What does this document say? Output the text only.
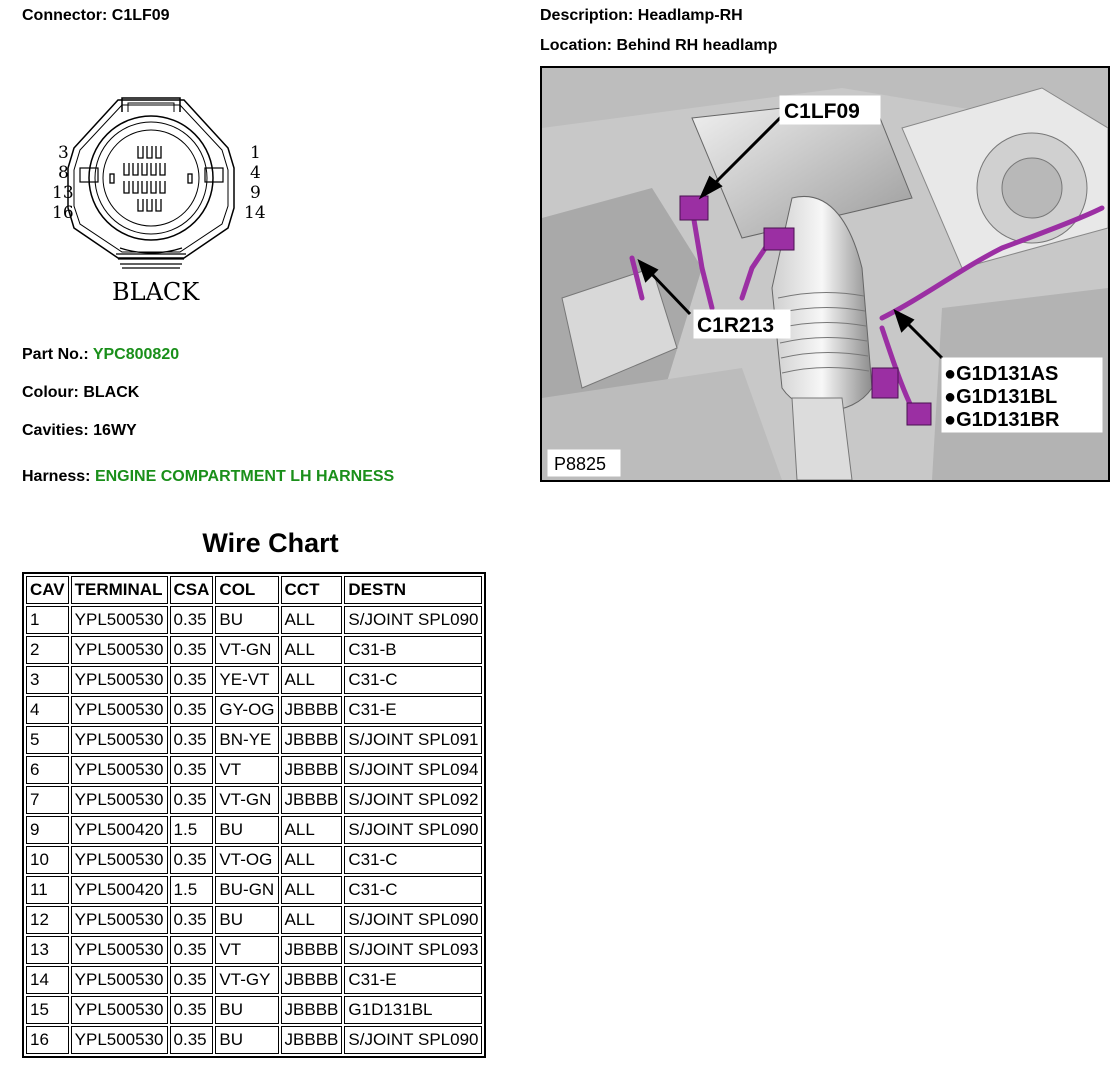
Connector: C1LF09	Description: Headlamp-RH
Location: Behind RH headlamp
3
8
13
16
1
4
9
14
BLACK
Part No.: YPC800820
Colour: BLACK
Cavities: 16WY
Harness: ENGINE COMPARTMENT LH HARNESS
C1LF09
C1R213
●G1D131AS
●G1D131BL
●G1D131BR
P8825
Wire Chart
CAV	TERMINAL	CSA	COL	CCT	DESTN
1	YPL500530	0.35	BU	ALL	S/JOINT SPL090
2	YPL500530	0.35	VT-GN	ALL	C31-B
3	YPL500530	0.35	YE-VT	ALL	C31-C
4	YPL500530	0.35	GY-OG	JBBBB	C31-E
5	YPL500530	0.35	BN-YE	JBBBB	S/JOINT SPL091
6	YPL500530	0.35	VT	JBBBB	S/JOINT SPL094
7	YPL500530	0.35	VT-GN	JBBBB	S/JOINT SPL092
9	YPL500420	1.5	BU	ALL	S/JOINT SPL090
10	YPL500530	0.35	VT-OG	ALL	C31-C
11	YPL500420	1.5	BU-GN	ALL	C31-C
12	YPL500530	0.35	BU	ALL	S/JOINT SPL090
13	YPL500530	0.35	VT	JBBBB	S/JOINT SPL093
14	YPL500530	0.35	VT-GY	JBBBB	C31-E
15	YPL500530	0.35	BU	JBBBB	G1D131BL
16	YPL500530	0.35	BU	JBBBB	S/JOINT SPL090
